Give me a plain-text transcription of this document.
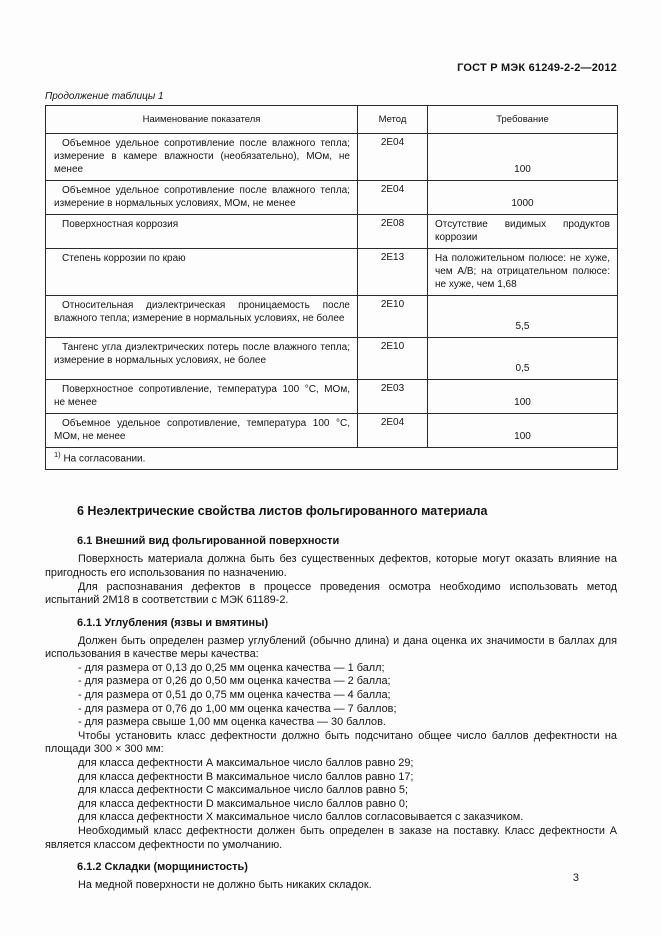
ГОСТ Р МЭК 61249-2-2—2012
Продолжение таблицы 1
Наименование показателя	Метод	Требование
Объемное удельное сопротивление после влажного тепла; измерение в камере влажности (необязательно), МОм, не менее	2Е04	100
Объемное удельное сопротивление после влажного тепла; измерение в нормальных условиях, МОм, не менее	2Е04	1000
Поверхностная коррозия	2Е08	Отсутствие видимых продуктов коррозии
Степень коррозии по краю	2Е13	На положительном полюсе: не хуже, чем А/В; на отрицательном полюсе: не хуже, чем 1,68
Относительная диэлектрическая проницаемость после влажного тепла; измерение в нормальных условиях, не более	2Е10	5,5
Тангенс угла диэлектрических потерь после влажного тепла; измерение в нормальных условиях, не более	2Е10	0,5
Поверхностное сопротивление, температура 100 °С, МОм, не менее	2Е03	100
Объемное удельное сопротивление, температура 100 °С, МОм, не менее	2Е04	100
$^{1)}$ На согласовании.		
6 Неэлектрические свойства листов фольгированного материала
6.1 Внешний вид фольгированной поверхности

Поверхность материала должна быть без существенных дефектов, которые могут оказать влияние на пригодность его использования по назначению.

Для распознавания дефектов в процессе проведения осмотра необходимо использовать метод испытаний 2М18 в соответствии с МЭК 61189-2.

6.1.1 Углубления (язвы и вмятины)

Должен быть определен размер углублений (обычно длина) и дана оценка их значимости в баллах для использования в качестве меры качества:

- для размера от 0,13 до 0,25 мм оценка качества — 1 балл;

- для размера от 0,26 до 0,50 мм оценка качества — 2 балла;

- для размера от 0,51 до 0,75 мм оценка качества — 4 балла;

- для размера от 0,76 до 1,00 мм оценка качества — 7 баллов;

- для размера свыше 1,00 мм оценка качества — 30 баллов.

Чтобы установить класс дефектности должно быть подсчитано общее число баллов дефектности на площади 300 × 300 мм:

для класса дефектности А максимальное число баллов равно 29;

для класса дефектности В максимальное число баллов равно 17;

для класса дефектности С максимальное число баллов равно 5;

для класса дефектности D максимальное число баллов равно 0;

для класса дефектности Х максимальное число баллов согласовывается с заказчиком.

Необходимый класс дефектности должен быть определен в заказе на поставку. Класс дефектности А является классом дефектности по умолчанию.

6.1.2 Складки (морщинистость)

На медной поверхности не должно быть никаких складок.

3
